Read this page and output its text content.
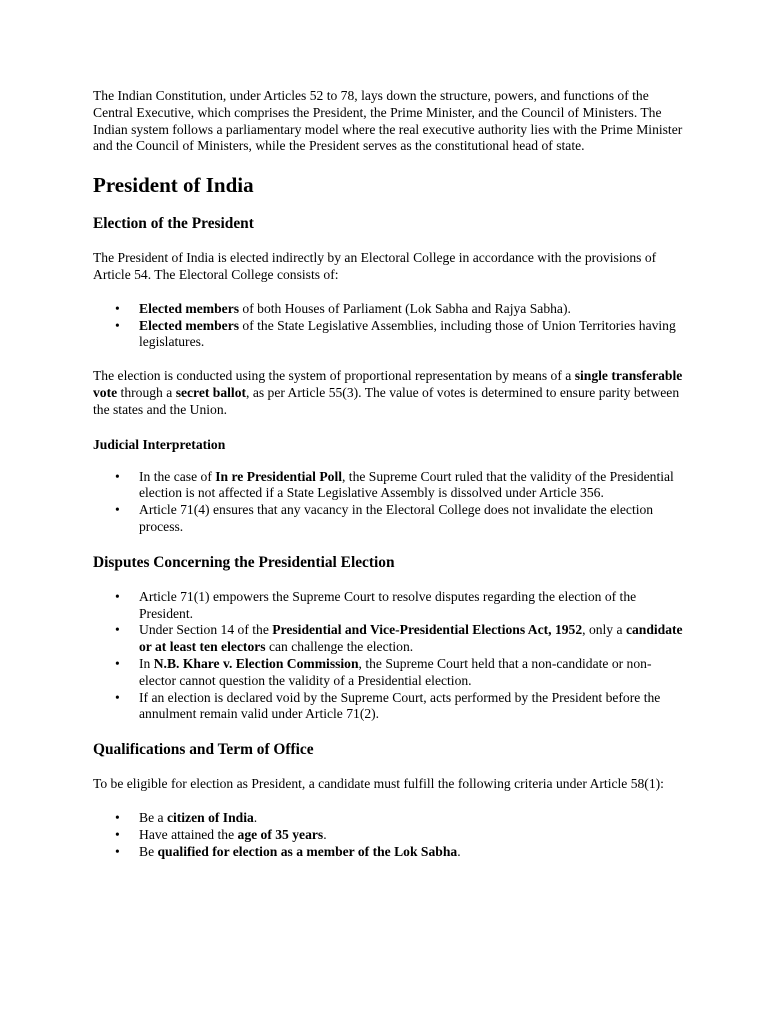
The Indian Constitution, under Articles 52 to 78, lays down the structure, powers, and functions of the Central Executive, which comprises the President, the Prime Minister, and the Council of Ministers. The Indian system follows a parliamentary model where the real executive authority lies with the Prime Minister and the Council of Ministers, while the President serves as the constitutional head of state.

President of India
Election of the President

The President of India is elected indirectly by an Electoral College in accordance with the provisions of Article 54. The Electoral College consists of:

• Elected members of both Houses of Parliament (Lok Sabha and Rajya Sabha).
• Elected members of the State Legislative Assemblies, including those of Union Territories having legislatures.

The election is conducted using the system of proportional representation by means of a single transferable vote through a secret ballot, as per Article 55(3). The value of votes is determined to ensure parity between the states and the Union.

Judicial Interpretation
• In the case of In re Presidential Poll, the Supreme Court ruled that the validity of the Presidential election is not affected if a State Legislative Assembly is dissolved under Article 356.
• Article 71(4) ensures that any vacancy in the Electoral College does not invalidate the election process.
Disputes Concerning the Presidential Election
• Article 71(1) empowers the Supreme Court to resolve disputes regarding the election of the President.
• Under Section 14 of the Presidential and Vice-Presidential Elections Act, 1952, only a candidate or at least ten electors can challenge the election.
• In N.B. Khare v. Election Commission, the Supreme Court held that a non-candidate or non-elector cannot question the validity of a Presidential election.
• If an election is declared void by the Supreme Court, acts performed by the President before the annulment remain valid under Article 71(2).
Qualifications and Term of Office

To be eligible for election as President, a candidate must fulfill the following criteria under Article 58(1):

• Be a citizen of India.
• Have attained the age of 35 years.
• Be qualified for election as a member of the Lok Sabha.
